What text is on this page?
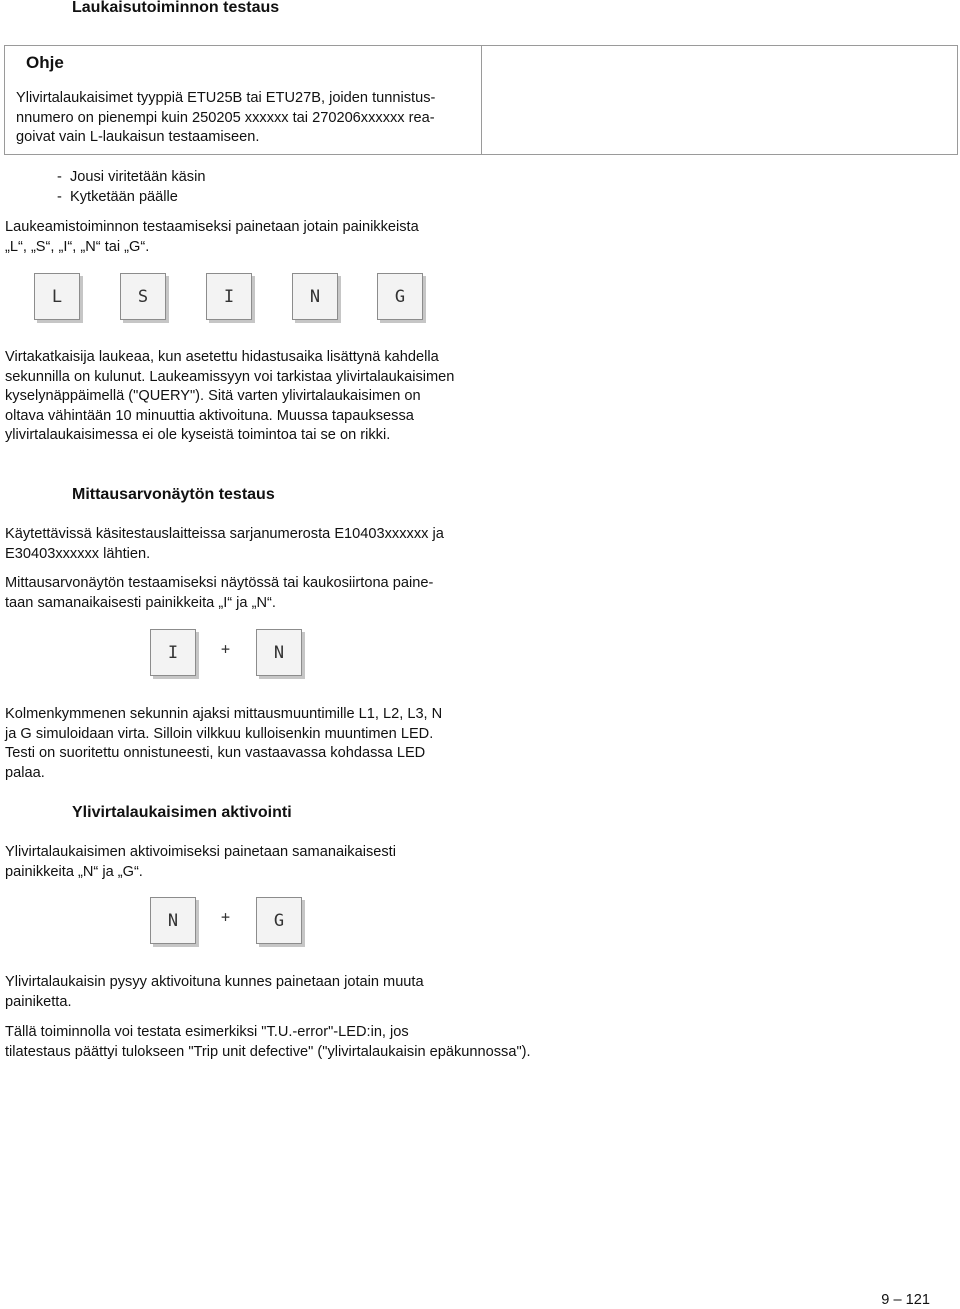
Laukaisutoiminnon testaus
Ohje
Ylivirtalaukaisimet tyyppiä ETU25B tai ETU27B, joiden tunnistus-
nnumero on pienempi kuin 250205 xxxxxx tai 270206xxxxxx rea-
goivat vain L-laukaisun testaamiseen.
- Jousi viritetään käsin
- Kytketään päälle
Laukeamistoiminnon testaamiseksi painetaan jotain painikkeista
„L“, „S“, „I“, „N“ tai „G“.
L	S	I	N	G
Virtakatkaisija laukeaa, kun asetettu hidastusaika lisättynä kahdella
sekunnilla on kulunut. Laukeamissyyn voi tarkistaa ylivirtalaukaisimen
kyselynäppäimellä ("QUERY"). Sitä varten ylivirtalaukaisimen on
oltava vähintään 10 minuuttia aktivoituna. Muussa tapauksessa
ylivirtalaukaisimessa ei ole kyseistä toimintoa tai se on rikki.
Mittausarvonäytön testaus
Käytettävissä käsitestauslaitteissa sarjanumerosta E10403xxxxxx ja
E30403xxxxxx lähtien.
Mittausarvonäytön testaamiseksi näytössä tai kaukosiirtona paine-
taan samanaikaisesti painikkeita „I“ ja „N“.
I	+	N
Kolmenkymmenen sekunnin ajaksi mittausmuuntimille L1, L2, L3, N
ja G simuloidaan virta. Silloin vilkkuu kulloisenkin muuntimen LED.
Testi on suoritettu onnistuneesti, kun vastaavassa kohdassa LED
palaa.
Ylivirtalaukaisimen aktivointi
Ylivirtalaukaisimen aktivoimiseksi painetaan samanaikaisesti
painikkeita „N“ ja „G“.
N	+	G
Ylivirtalaukaisin pysyy aktivoituna kunnes painetaan jotain muuta
painiketta.
Tällä toiminnolla voi testata esimerkiksi "T.U.-error"-LED:in, jos
tilatestaus päättyi tulokseen "Trip unit defective" ("ylivirtalaukaisin epäkunnossa").
9 – 121
